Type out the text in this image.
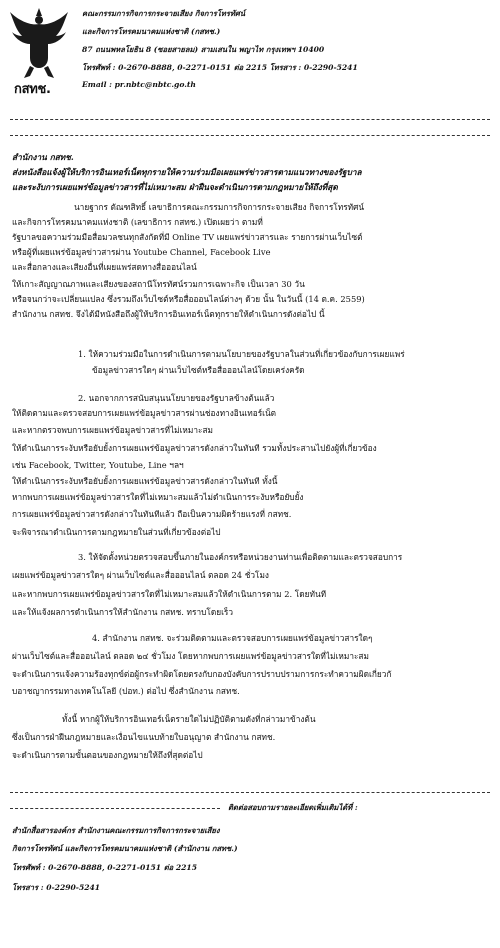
กสทช.
คณะกรรมการกิจการกระจายเสียง กิจการโทรทัศน์
และกิจการโทรคมนาคมแห่งชาติ (กสทช.)
87 ถนนพหลโยธิน 8 (ซอยสายลม) สามเสนใน พญาไท กรุงเทพฯ 10400
โทรศัพท์ : 0-2670-8888, 0-2271-0151 ต่อ 2215 โทรสาร : 0-2290-5241
Email : pr.nbtc@nbtc.go.th
สำนักงาน กสทช.
ส่งหนังสือแจ้งผู้ให้บริการอินเทอร์เน็ตทุกรายให้ความร่วมมือเผยแพร่ข่าวสารตามแนวทางของรัฐบาล
และระงับการเผยแพร่ข้อมูลข่าวสารที่ไม่เหมาะสม ฝ่าฝืนจะดำเนินการตามกฎหมายให้ถึงที่สุด
นายฐากร ตัณฑสิทธิ์ เลขาธิการคณะกรรมการกิจการกระจายเสียง กิจการโทรทัศน์
และกิจการโทรคมนาคมแห่งชาติ (เลขาธิการ กสทช.) เปิดเผยว่า ตามที่
รัฐบาลขอความร่วมมือสื่อมวลชนทุกสังกัดที่มี Online TV เผยแพร่ข่าวสารและ รายการผ่านเว็บไซต์
หรือผู้ที่เผยแพร่ข้อมูลข่าวสารผ่าน Youtube Channel, Facebook Live
และสื่อกลางและเสียงอื่นที่เผยแพร่สดทางสื่อออนไลน์
ให้เกาะสัญญาณภาพและเสียงของสถานีโทรทัศน์รวมการเฉพาะกิจ เป็นเวลา 30 วัน
หรือจนกว่าจะเปลี่ยนแปลง ซึ่งรวมถึงเว็บไซต์หรือสื่อออนไลน์ต่างๆ ด้วย นั้น ในวันนี้ (14 ต.ค. 2559)
สำนักงาน กสทช. จึงได้มีหนังสือถึงผู้ให้บริการอินเทอร์เน็ตทุกรายให้ดำเนินการดังต่อไป นี้
1. ให้ความร่วมมือในการดำเนินการตามนโยบายของรัฐบาลในส่วนที่เกี่ยวข้องกับการเผยแพร่
ข้อมูลข่าวสารใดๆ ผ่านเว็บไซต์หรือสื่อออนไลน์โดยเคร่งครัด
2. นอกจากการสนับสนุนนโยบายของรัฐบาลข้างต้นแล้ว
ให้ติดตามและตรวจสอบการเผยแพร่ข้อมูลข่าวสารผ่านช่องทางอินเทอร์เน็ต
และหากตรวจพบการเผยแพร่ข้อมูลข่าวสารที่ไม่เหมาะสม
ให้ดำเนินการระงับหรือยับยั้งการเผยแพร่ข้อมูลข่าวสารดังกล่าวในทันที รวมทั้งประสานไปยังผู้ที่เกี่ยวข้อง
เช่น Facebook, Twitter, Youtube, Line ฯลฯ
ให้ดำเนินการระงับหรือยับยั้งการเผยแพร่ข้อมูลข่าวสารดังกล่าวในทันที ทั้งนี้
หากพบการเผยแพร่ข้อมูลข่าวสารใดที่ไม่เหมาะสมแล้วไม่ดำเนินการระงับหรือยับยั้ง
การเผยแพร่ข้อมูลข่าวสารดังกล่าวในทันทีแล้ว ถือเป็นความผิดร้ายแรงที่ กสทช.
จะพิจารณาดำเนินการตามกฎหมายในส่วนที่เกี่ยวข้องต่อไป
3. ให้จัดตั้งหน่วยตรวจสอบขึ้นภายในองค์กรหรือหน่วยงานท่านเพื่อติดตามและตรวจสอบการ
เผยแพร่ข้อมูลข่าวสารใดๆ ผ่านเว็บไซต์และสื่อออนไลน์ ตลอด 24 ชั่วโมง
และหากพบการเผยแพร่ข้อมูลข่าวสารใดที่ไม่เหมาะสมแล้วให้ดำเนินการตาม 2. โดยทันที
และให้แจ้งผลการดำเนินการให้สำนักงาน กสทช. ทราบโดยเร็ว
4. สำนักงาน กสทช. จะร่วมติดตามและตรวจสอบการเผยแพร่ข้อมูลข่าวสารใดๆ
ผ่านเว็บไซต์และสื่อออนไลน์ ตลอด ๒๔ ชั่วโมง โดยหากพบการเผยแพร่ข้อมูลข่าวสารใดที่ไม่เหมาะสม
จะดำเนินการแจ้งความร้องทุกข์ต่อผู้กระทำผิดโดยตรงกับกองบังคับการปราบปรามการกระทำความผิดเกี่ยวกั
บอาชญากรรมทางเทคโนโลยี (ปอท.) ต่อไป ซึ่งสำนักงาน กสทช.
ทั้งนี้ หากผู้ให้บริการอินเทอร์เน็ตรายใดไม่ปฏิบัติตามดังที่กล่าวมาข้างต้น
ซึ่งเป็นการฝ่าฝืนกฎหมายและเงื่อนไขแนบท้ายใบอนุญาต สำนักงาน กสทช.
จะดำเนินการตามขั้นตอนของกฎหมายให้ถึงที่สุดต่อไป
ติดต่อสอบถามรายละเอียดเพิ่มเติมได้ที่ :
สำนักสื่อสารองค์กร สำนักงานคณะกรรมการกิจการกระจายเสียง
กิจการโทรทัศน์ และกิจการโทรคมนาคมแห่งชาติ (สำนักงาน กสทช.)
โทรศัพท์ : 0-2670-8888, 0-2271-0151 ต่อ 2215
โทรสาร : 0-2290-5241
